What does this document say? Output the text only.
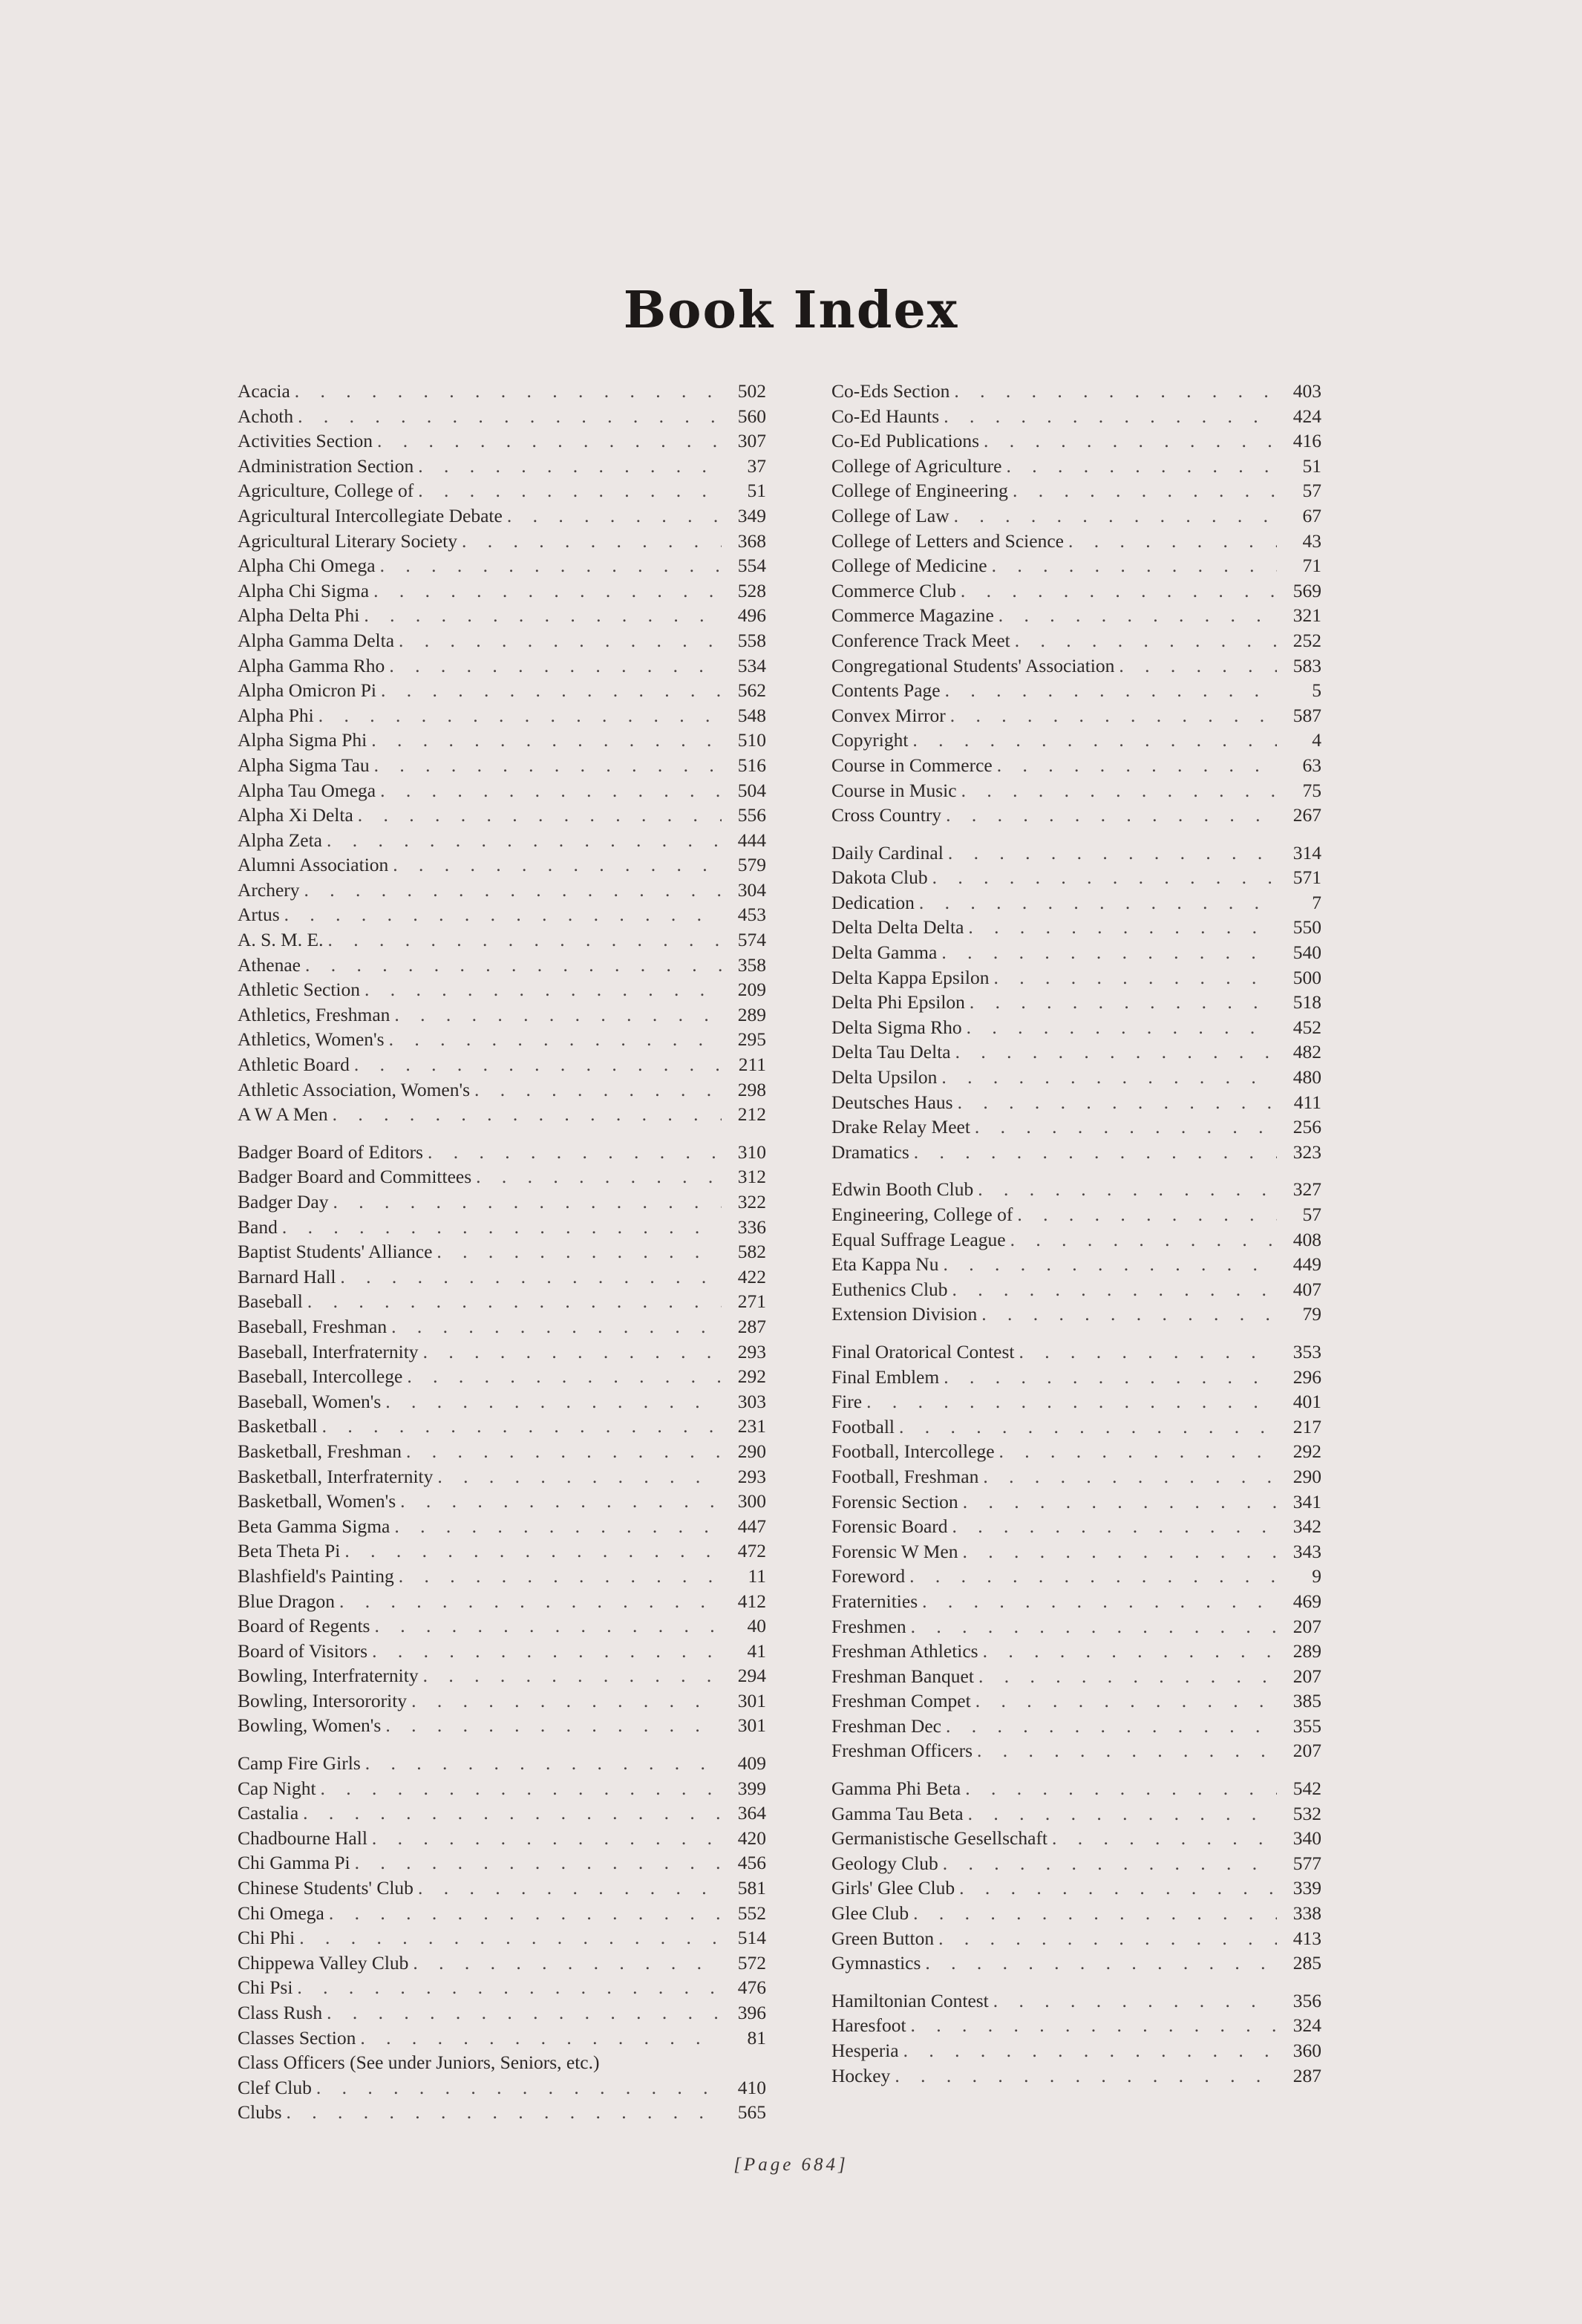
Book Index
Acacia . . .	502
Achoth . . .	560
Activities Section . . .	307
Administration Section . . .	37
Agriculture, College of . . .	51
Agricultural Intercollegiate Debate . . .	349
Agricultural Literary Society . . .	368
Alpha Chi Omega . . .	554
Alpha Chi Sigma . . .	528
Alpha Delta Phi . . .	496
Alpha Gamma Delta . . .	558
Alpha Gamma Rho . . .	534
Alpha Omicron Pi . . .	562
Alpha Phi . . .	548
Alpha Sigma Phi . . .	510
Alpha Sigma Tau . . .	516
Alpha Tau Omega . . .	504
Alpha Xi Delta . . .	556
Alpha Zeta . . .	444
Alumni Association . . .	579
Archery . . .	304
Artus . . .	453
A. S. M. E. . . .	574
Athenae . . .	358
Athletic Section . . .	209
Athletics, Freshman . . .	289
Athletics, Women's . . .	295
Athletic Board . . .	211
Athletic Association, Women's . . .	298
A W A Men . . .	212
Badger Board of Editors . . .	310
Badger Board and Committees . . .	312
Badger Day . . .	322
Band . . .	336
Baptist Students' Alliance . . .	582
Barnard Hall . . .	422
Baseball . . .	271
Baseball, Freshman . . .	287
Baseball, Interfraternity . . .	293
Baseball, Intercollege . . .	292
Baseball, Women's . . .	303
Basketball . . .	231
Basketball, Freshman . . .	290
Basketball, Interfraternity . . .	293
Basketball, Women's . . .	300
Beta Gamma Sigma . . .	447
Beta Theta Pi . . .	472
Blashfield's Painting . . .	11
Blue Dragon . . .	412
Board of Regents . . .	40
Board of Visitors . . .	41
Bowling, Interfraternity . . .	294
Bowling, Intersorority . . .	301
Bowling, Women's . . .	301
Camp Fire Girls . . .	409
Cap Night . . .	399
Castalia . . .	364
Chadbourne Hall . . .	420
Chi Gamma Pi . . .	456
Chinese Students' Club . . .	581
Chi Omega . . .	552
Chi Phi . . .	514
Chippewa Valley Club . . .	572
Chi Psi . . .	476
Class Rush . . .	396
Classes Section . . .	81
Class Officers (See under Juniors, Seniors, etc.)
Clef Club . . .	410
Clubs . . .	565
Co-Eds Section . . .	403
Co-Ed Haunts . . .	424
Co-Ed Publications . . .	416
College of Agriculture . . .	51
College of Engineering . . .	57
College of Law . . .	67
College of Letters and Science . . .	43
College of Medicine . . .	71
Commerce Club . . .	569
Commerce Magazine . . .	321
Conference Track Meet . . .	252
Congregational Students' Association . . .	583
Contents Page . . .	5
Convex Mirror . . .	587
Copyright . . .	4
Course in Commerce . . .	63
Course in Music . . .	75
Cross Country . . .	267
Daily Cardinal . . .	314
Dakota Club . . .	571
Dedication . . .	7
Delta Delta Delta . . .	550
Delta Gamma . . .	540
Delta Kappa Epsilon . . .	500
Delta Phi Epsilon . . .	518
Delta Sigma Rho . . .	452
Delta Tau Delta . . .	482
Delta Upsilon . . .	480
Deutsches Haus . . .	411
Drake Relay Meet . . .	256
Dramatics . . .	323
Edwin Booth Club . . .	327
Engineering, College of . . .	57
Equal Suffrage League . . .	408
Eta Kappa Nu . . .	449
Euthenics Club . . .	407
Extension Division . . .	79
Final Oratorical Contest . . .	353
Final Emblem . . .	296
Fire . . .	401
Football . . .	217
Football, Intercollege . . .	292
Football, Freshman . . .	290
Forensic Section . . .	341
Forensic Board . . .	342
Forensic W Men . . .	343
Foreword . . .	9
Fraternities . . .	469
Freshmen . . .	207
Freshman Athletics . . .	289
Freshman Banquet . . .	207
Freshman Compet . . .	385
Freshman Dec . . .	355
Freshman Officers . . .	207
Gamma Phi Beta . . .	542
Gamma Tau Beta . . .	532
Germanistische Gesellschaft . . .	340
Geology Club . . .	577
Girls' Glee Club . . .	339
Glee Club . . .	338
Green Button . . .	413
Gymnastics . . .	285
Hamiltonian Contest . . .	356
Haresfoot . . .	324
Hesperia . . .	360
Hockey . . .	287
[Page 684]
